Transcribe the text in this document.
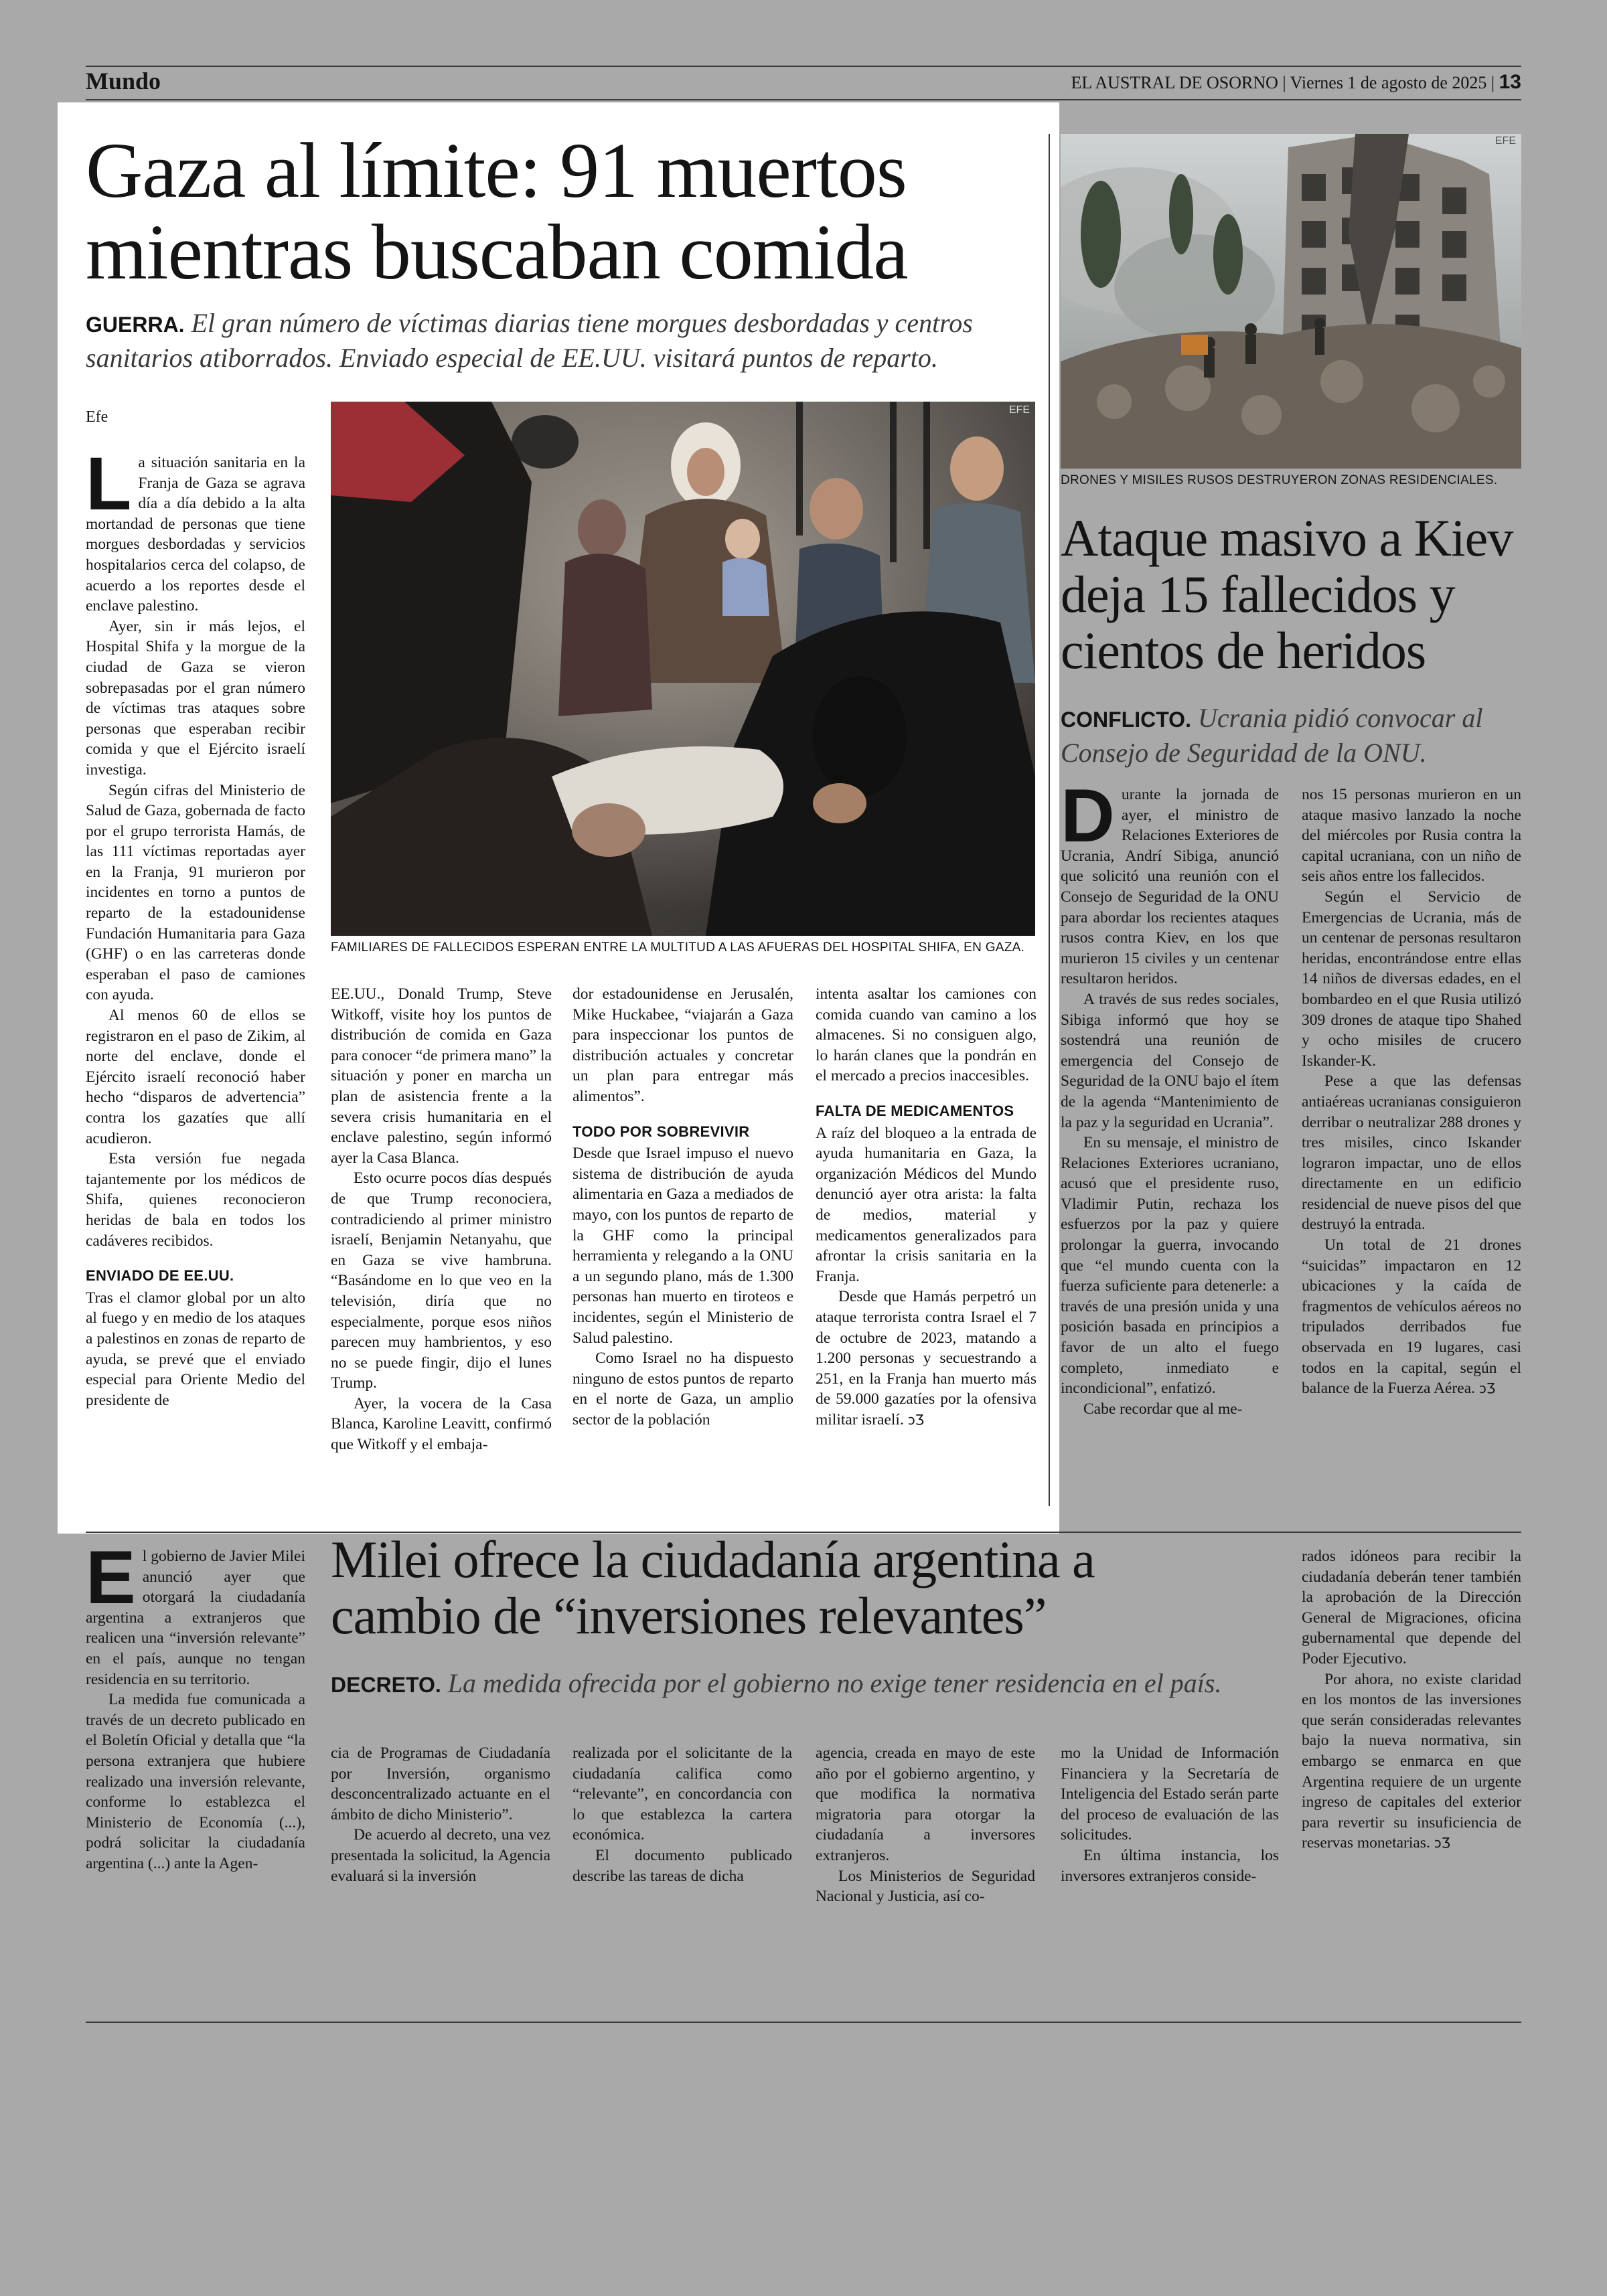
Mundo	EL AUSTRAL DE OSORNO | Viernes 1 de agosto de 2025 | 13
Gaza al límite: 91 muertos
mientras buscaban comida
GUERRA. El gran número de víctimas diarias tiene morgues desbordadas y centros sanitarios atiborrados. Enviado especial de EE.UU. visitará puntos de reparto.
Efe	EFE
FAMILIARES DE FALLECIDOS ESPERAN ENTRE LA MULTITUD A LAS AFUERAS DEL HOSPITAL SHIFA, EN GAZA.

La situación sanitaria en la Franja de Gaza se agrava día a día debido a la alta mortandad de personas que tiene morgues desbordadas y servicios hospitalarios cerca del colapso, de acuerdo a los reportes desde el enclave palestino.

Ayer, sin ir más lejos, el Hospital Shifa y la morgue de la ciudad de Gaza se vieron sobrepasadas por el gran número de víctimas tras ataques sobre personas que esperaban recibir comida y que el Ejército israelí investiga.

Según cifras del Ministerio de Salud de Gaza, gobernada de facto por el grupo terrorista Hamás, de las 111 víctimas reportadas ayer en la Franja, 91 murieron por incidentes en torno a puntos de reparto de la estadounidense Fundación Humanitaria para Gaza (GHF) o en las carreteras donde esperaban el paso de camiones con ayuda.

Al menos 60 de ellos se registraron en el paso de Zikim, al norte del enclave, donde el Ejército israelí reconoció haber hecho “disparos de advertencia” contra los gazatíes que allí acudieron.

Esta versión fue negada tajantemente por los médicos de Shifa, quienes reconocieron heridas de bala en todos los cadáveres recibidos.

ENVIADO DE EE.UU.

Tras el clamor global por un alto al fuego y en medio de los ataques a palestinos en zonas de reparto de ayuda, se prevé que el enviado especial para Oriente Medio del presidente de

EE.UU., Donald Trump, Steve Witkoff, visite hoy los puntos de distribución de comida en Gaza para conocer “de primera mano” la situación y poner en marcha un plan de asistencia frente a la severa crisis humanitaria en el enclave palestino, según informó ayer la Casa Blanca.

Esto ocurre pocos días después de que Trump reconociera, contradiciendo al primer ministro israelí, Benjamin Netanyahu, que en Gaza se vive hambruna. “Basándome en lo que veo en la televisión, diría que no especialmente, porque esos niños parecen muy hambrientos, y eso no se puede fingir, dijo el lunes Trump.

Ayer, la vocera de la Casa Blanca, Karoline Leavitt, confirmó que Witkoff y el embaja-

dor estadounidense en Jerusalén, Mike Huckabee, “viajarán a Gaza para inspeccionar los puntos de distribución actuales y concretar un plan para entregar más alimentos”.

TODO POR SOBREVIVIR

Desde que Israel impuso el nuevo sistema de distribución de ayuda alimentaria en Gaza a mediados de mayo, con los puntos de reparto de la GHF como la principal herramienta y relegando a la ONU a un segundo plano, más de 1.300 personas han muerto en tiroteos e incidentes, según el Ministerio de Salud palestino.

Como Israel no ha dispuesto ninguno de estos puntos de reparto en el norte de Gaza, un amplio sector de la población

intenta asaltar los camiones con comida cuando van camino a los almacenes. Si no consiguen algo, lo harán clanes que la pondrán en el mercado a precios inaccesibles.

FALTA DE MEDICAMENTOS

A raíz del bloqueo a la entrada de ayuda humanitaria en Gaza, la organización Médicos del Mundo denunció ayer otra arista: la falta de medios, material y medicamentos generalizados para afrontar la crisis sanitaria en la Franja.

Desde que Hamás perpetró un ataque terrorista contra Israel el 7 de octubre de 2023, matando a 1.200 personas y secuestrando a 251, en la Franja han muerto más de 59.000 gazatíes por la ofensiva militar israelí. ↄƷ

EFE
DRONES Y MISILES RUSOS DESTRUYERON ZONAS RESIDENCIALES.
Ataque masivo a Kiev
deja 15 fallecidos y
cientos de heridos
CONFLICTO. Ucrania pidió convocar al Consejo de Seguridad de la ONU.

Durante la jornada de ayer, el ministro de Relaciones Exteriores de Ucrania, Andrí Sibiga, anunció que solicitó una reunión con el Consejo de Seguridad de la ONU para abordar los recientes ataques rusos contra Kiev, en los que murieron 15 civiles y un centenar resultaron heridos.

A través de sus redes sociales, Sibiga informó que hoy se sostendrá una reunión de emergencia del Consejo de Seguridad de la ONU bajo el ítem de la agenda “Mantenimiento de la paz y la seguridad en Ucrania”.

En su mensaje, el ministro de Relaciones Exteriores ucraniano, acusó que el presidente ruso, Vladimir Putin, rechaza los esfuerzos por la paz y quiere prolongar la guerra, invocando que “el mundo cuenta con la fuerza suficiente para detenerle: a través de una presión unida y una posición basada en principios a favor de un alto el fuego completo, inmediato e incondicional”, enfatizó.

Cabe recordar que al me-

nos 15 personas murieron en un ataque masivo lanzado la noche del miércoles por Rusia contra la capital ucraniana, con un niño de seis años entre los fallecidos.

Según el Servicio de Emergencias de Ucrania, más de un centenar de personas resultaron heridas, encontrándose entre ellas 14 niños de diversas edades, en el bombardeo en el que Rusia utilizó 309 drones de ataque tipo Shahed y ocho misiles de crucero Iskander-K.

Pese a que las defensas antiaéreas ucranianas consiguieron derribar o neutralizar 288 drones y tres misiles, cinco Iskander lograron impactar, uno de ellos directamente en un edificio residencial de nueve pisos del que destruyó la entrada.

Un total de 21 drones “suicidas” impactaron en 12 ubicaciones y la caída de fragmentos de vehículos aéreos no tripulados derribados fue observada en 19 lugares, casi todos en la capital, según el balance de la Fuerza Aérea. ↄƷ

El gobierno de Javier Milei anunció ayer que otorgará la ciudadanía argentina a extranjeros que realicen una “inversión relevante” en el país, aunque no tengan residencia en su territorio.

La medida fue comunicada a través de un decreto publicado en el Boletín Oficial y detalla que “la persona extranjera que hubiere realizado una inversión relevante, conforme lo establezca el Ministerio de Economía (...), podrá solicitar la ciudadanía argentina (...) ante la Agen-

Milei ofrece la ciudadanía argentina a
cambio de “inversiones relevantes”
DECRETO. La medida ofrecida por el gobierno no exige tener residencia en el país.

cia de Programas de Ciudadanía por Inversión, organismo desconcentralizado actuante en el ámbito de dicho Ministerio”.

De acuerdo al decreto, una vez presentada la solicitud, la Agencia evaluará si la inversión

realizada por el solicitante de la ciudadanía califica como “relevante”, en concordancia con lo que establezca la cartera económica.

El documento publicado describe las tareas de dicha

agencia, creada en mayo de este año por el gobierno argentino, y que modifica la normativa migratoria para otorgar la ciudadanía a inversores extranjeros.

Los Ministerios de Seguridad Nacional y Justicia, así co-

mo la Unidad de Información Financiera y la Secretaría de Inteligencia del Estado serán parte del proceso de evaluación de las solicitudes.

En última instancia, los inversores extranjeros conside-

rados idóneos para recibir la ciudadanía deberán tener también la aprobación de la Dirección General de Migraciones, oficina gubernamental que depende del Poder Ejecutivo.

Por ahora, no existe claridad en los montos de las inversiones que serán consideradas relevantes bajo la nueva normativa, sin embargo se enmarca en que Argentina requiere de un urgente ingreso de capitales del exterior para revertir su insuficiencia de reservas monetarias. ↄƷ
